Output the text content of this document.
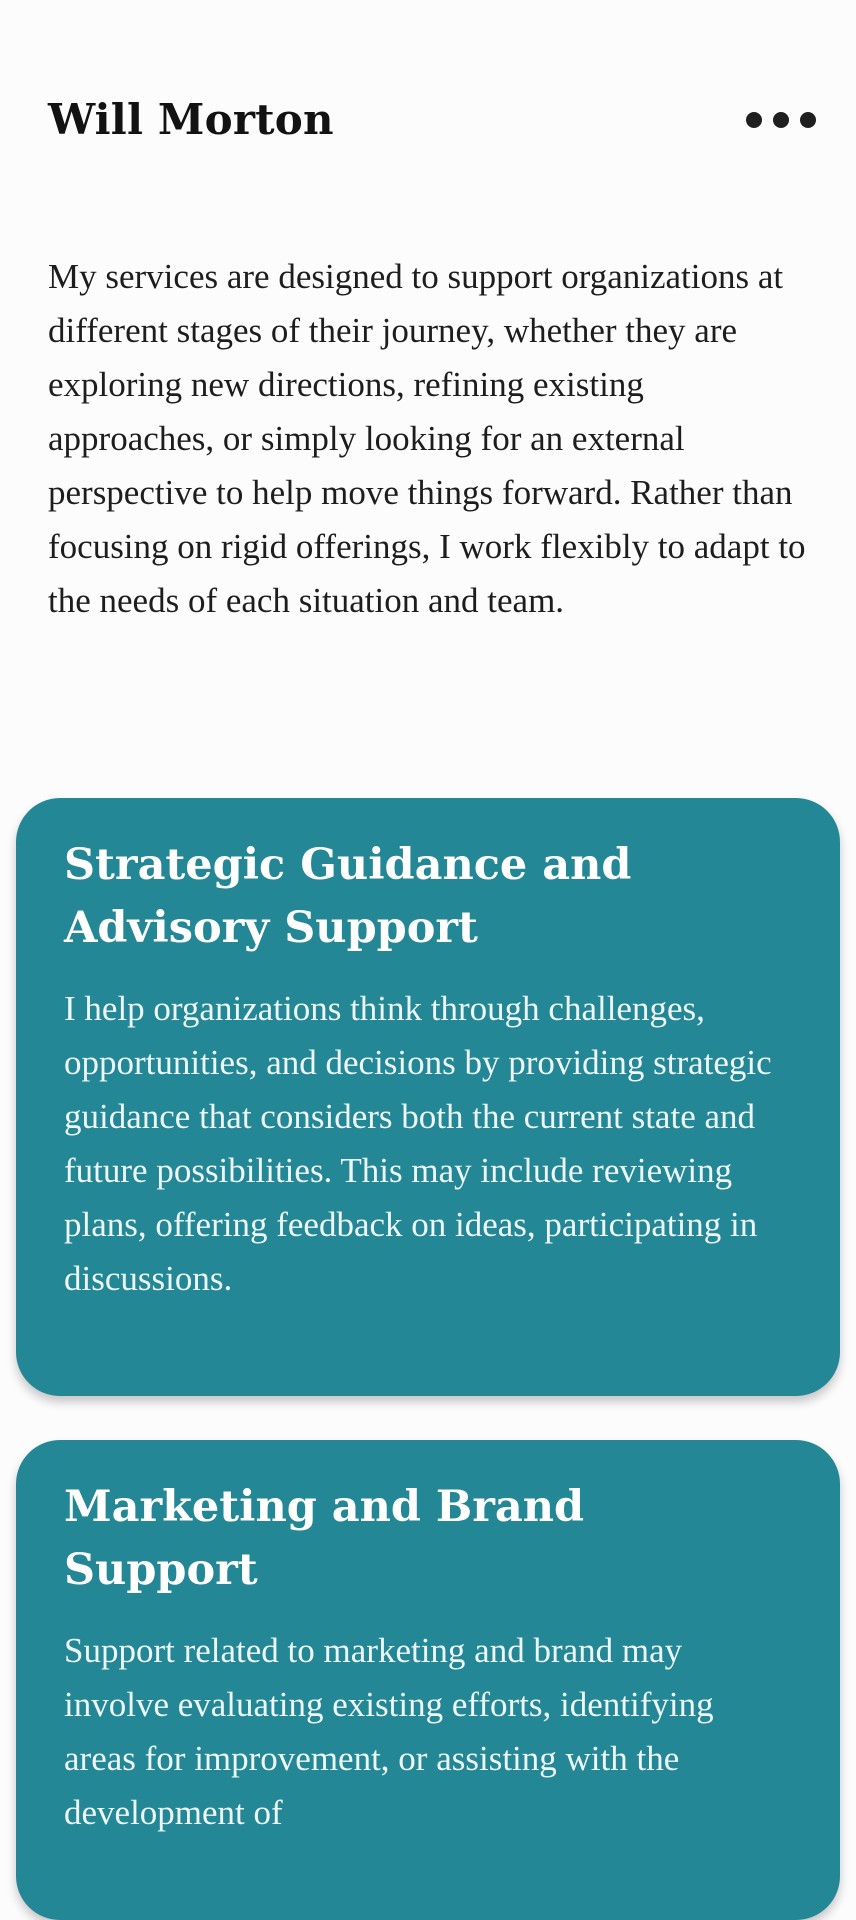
Will Morton

My services are designed to support organizations at different stages of their journey, whether they are exploring new directions, refining existing approaches, or simply looking for an external perspective to help move things forward. Rather than focusing on rigid offerings, I work flexibly to adapt to the needs of each situation and team.

Strategic Guidance and Advisory Support

I help organizations think through challenges, opportunities, and decisions by providing strategic guidance that considers both the current state and future possibilities. This may include reviewing plans, offering feedback on ideas, participating in discussions.

Marketing and Brand Support

Support related to marketing and brand may involve evaluating existing efforts, identifying areas for improvement, or assisting with the development of
